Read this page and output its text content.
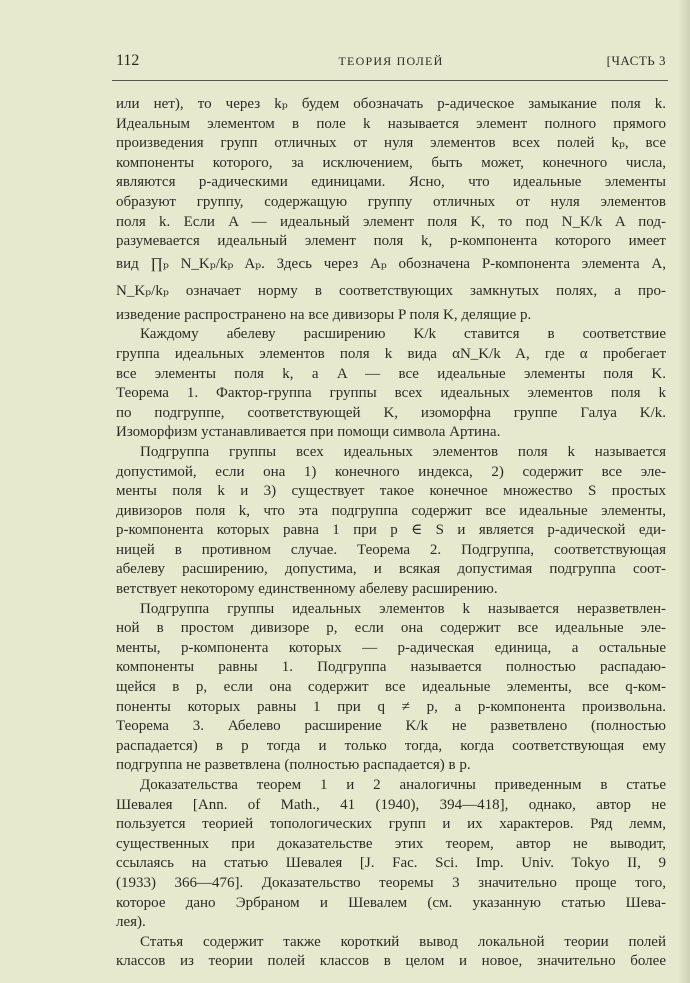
112	ТЕОРИЯ ПОЛЕЙ	[ЧАСТЬ 3
или нет), то через kₚ будем обозначать p-адическое замыкание поля k.
Идеальным элементом в поле k называется элемент полного прямого
произведения групп отличных от нуля элементов всех полей kₚ, все
компоненты которого, за исключением, быть может, конечного числа,
являются p-адическими единицами. Ясно, что идеальные элементы
образуют группу, содержащую группу отличных от нуля элементов
поля k. Если A — идеальный элемент поля K, то под N_K/k A под-
разумевается идеальный элемент поля k, p-компонента которого имеет
вид ∏ₚ N_Kₚ/kₚ Aₚ. Здесь через Aₚ обозначена P-компонента элемента A,
N_Kₚ/kₚ означает норму в соответствующих замкнутых полях, а про-
изведение распространено на все дивизоры P поля K, делящие p.
Каждому абелеву расширению K/k ставится в соответствие
группа идеальных элементов поля k вида αN_K/k A, где α пробегает
все элементы поля k, а A — все идеальные элементы поля K.
Теорема 1. Фактор-группа группы всех идеальных элементов поля k
по подгруппе, соответствующей K, изоморфна группе Галуа K/k.
Изоморфизм устанавливается при помощи символа Артина.
Подгруппа группы всех идеальных элементов поля k называется
допустимой, если она 1) конечного индекса, 2) содержит все эле-
менты поля k и 3) существует такое конечное множество S простых
дивизоров поля k, что эта подгруппа содержит все идеальные элементы,
p-компонента которых равна 1 при p ∈ S и является p-адической еди-
ницей в противном случае. Теорема 2. Подгруппа, соответствующая
абелеву расширению, допустима, и всякая допустимая подгруппа соот-
ветствует некоторому единственному абелеву расширению.
Подгруппа группы идеальных элементов k называется неразветвлен-
ной в простом дивизоре p, если она содержит все идеальные эле-
менты, p-компонента которых — p-адическая единица, а остальные
компоненты равны 1. Подгруппа называется полностью распадаю-
щейся в p, если она содержит все идеальные элементы, все q-ком-
поненты которых равны 1 при q ≠ p, а p-компонента произвольна.
Теорема 3. Абелево расширение K/k не разветвлено (полностью
распадается) в p тогда и только тогда, когда соответствующая ему
подгруппа не разветвлена (полностью распадается) в p.
Доказательства теорем 1 и 2 аналогичны приведенным в статье
Шевалея [Ann. of Math., 41 (1940), 394—418], однако, автор не
пользуется теорией топологических групп и их характеров. Ряд лемм,
существенных при доказательстве этих теорем, автор не выводит,
ссылаясь на статью Шевалея [J. Fac. Sci. Imp. Univ. Tokyo II, 9
(1933) 366—476]. Доказательство теоремы 3 значительно проще того,
которое дано Эрбраном и Шевалем (см. указанную статью Шева-
лея).
Статья содержит также короткий вывод локальной теории полей
классов из теории полей классов в целом и новое, значительно более
